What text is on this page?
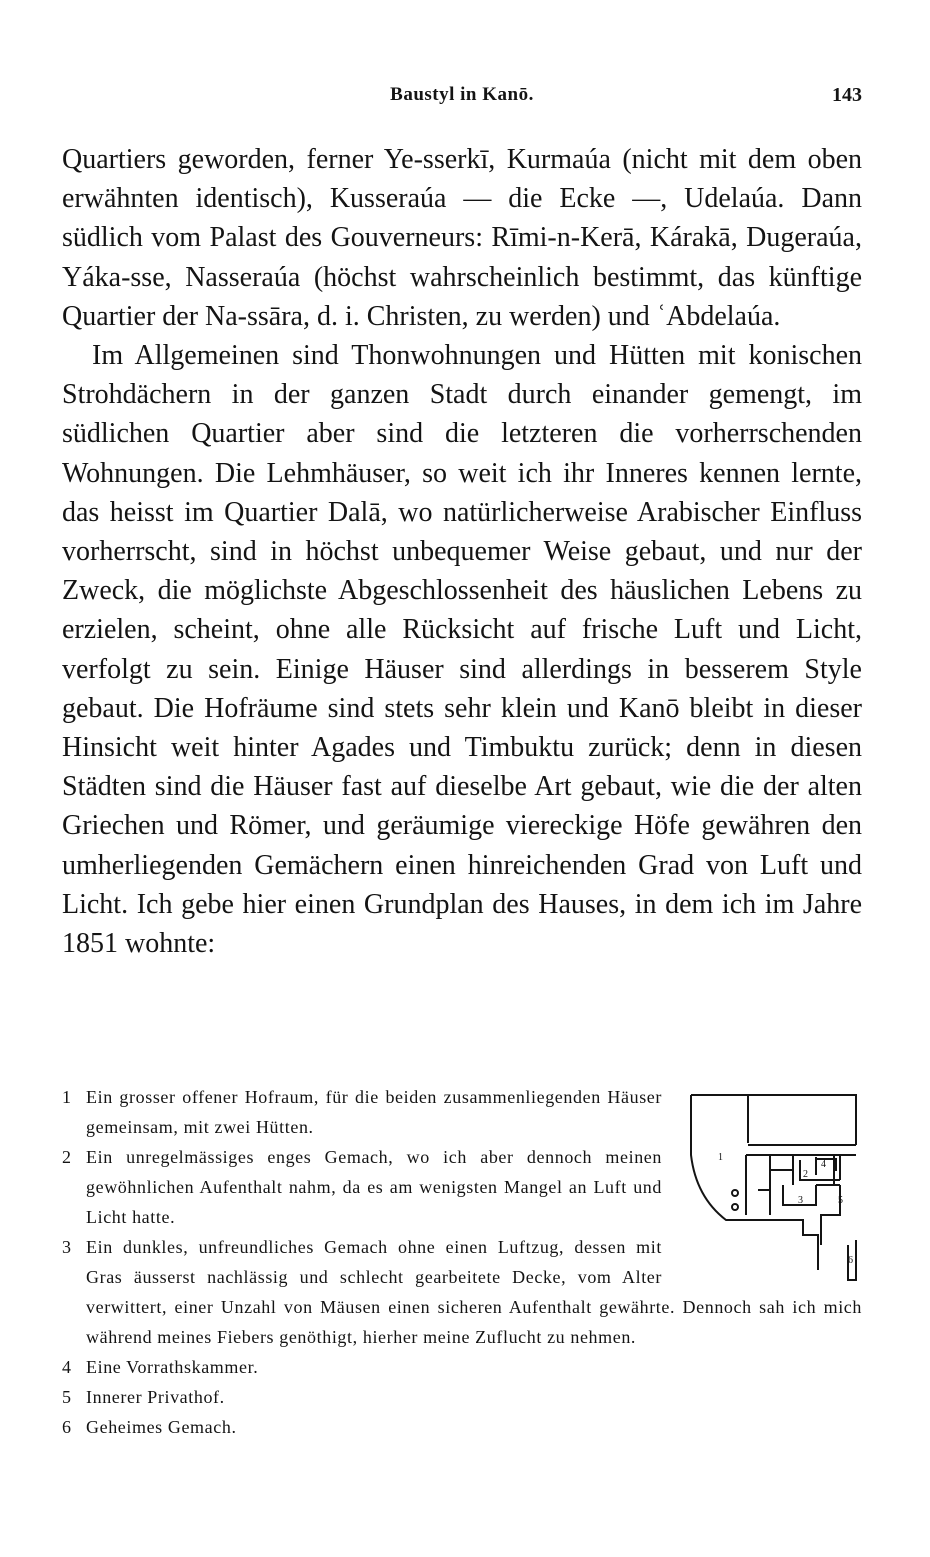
Baustyl in Kanō.	143

Quartiers geworden, ferner Ye-sserkī, Kurmaúa (nicht mit dem oben erwähnten identisch), Kusseraúa — die Ecke —, Udelaúa. Dann südlich vom Palast des Gouverneurs: Rīmi-n-Kerā, Kárakā, Dugeraúa, Yáka-sse, Nasseraúa (höchst wahrscheinlich bestimmt, das künftige Quartier der Na-ssāra, d. i. Christen, zu werden) und ʿAbdelaúa.

Im Allgemeinen sind Thonwohnungen und Hütten mit konischen Strohdächern in der ganzen Stadt durch einander gemengt, im südlichen Quartier aber sind die letzteren die vorherrschenden Wohnungen. Die Lehmhäuser, so weit ich ihr Inneres kennen lernte, das heisst im Quartier Dalā, wo natürlicherweise Arabischer Einfluss vorherrscht, sind in höchst unbequemer Weise gebaut, und nur der Zweck, die möglichste Abgeschlossenheit des häuslichen Lebens zu erzielen, scheint, ohne alle Rücksicht auf frische Luft und Licht, verfolgt zu sein. Einige Häuser sind allerdings in besserem Style gebaut. Die Hofräume sind stets sehr klein und Kanō bleibt in dieser Hinsicht weit hinter Agades und Timbuktu zurück; denn in diesen Städten sind die Häuser fast auf dieselbe Art gebaut, wie die der alten Griechen und Römer, und geräumige viereckige Höfe gewähren den umherliegenden Gemächern einen hinreichenden Grad von Luft und Licht. Ich gebe hier einen Grundplan des Hauses, in dem ich im Jahre 1851 wohnte:

1
2
3
4
5
6
1 Ein grosser offener Hofraum, für die beiden zusammenliegenden Häuser gemeinsam, mit zwei Hütten.
2 Ein unregelmässiges enges Gemach, wo ich aber dennoch meinen gewöhnlichen Aufenthalt nahm, da es am wenigsten Mangel an Luft und Licht hatte.
3 Ein dunkles, unfreundliches Gemach ohne einen Luftzug, dessen mit Gras äusserst nachlässig und schlecht gearbeitete Decke, vom Alter verwittert, einer Unzahl von Mäusen einen sicheren Aufenthalt gewährte. Dennoch sah ich mich während meines Fiebers genöthigt, hierher meine Zuflucht zu nehmen.
4 Eine Vorrathskammer.
5 Innerer Privathof.
6 Geheimes Gemach.
